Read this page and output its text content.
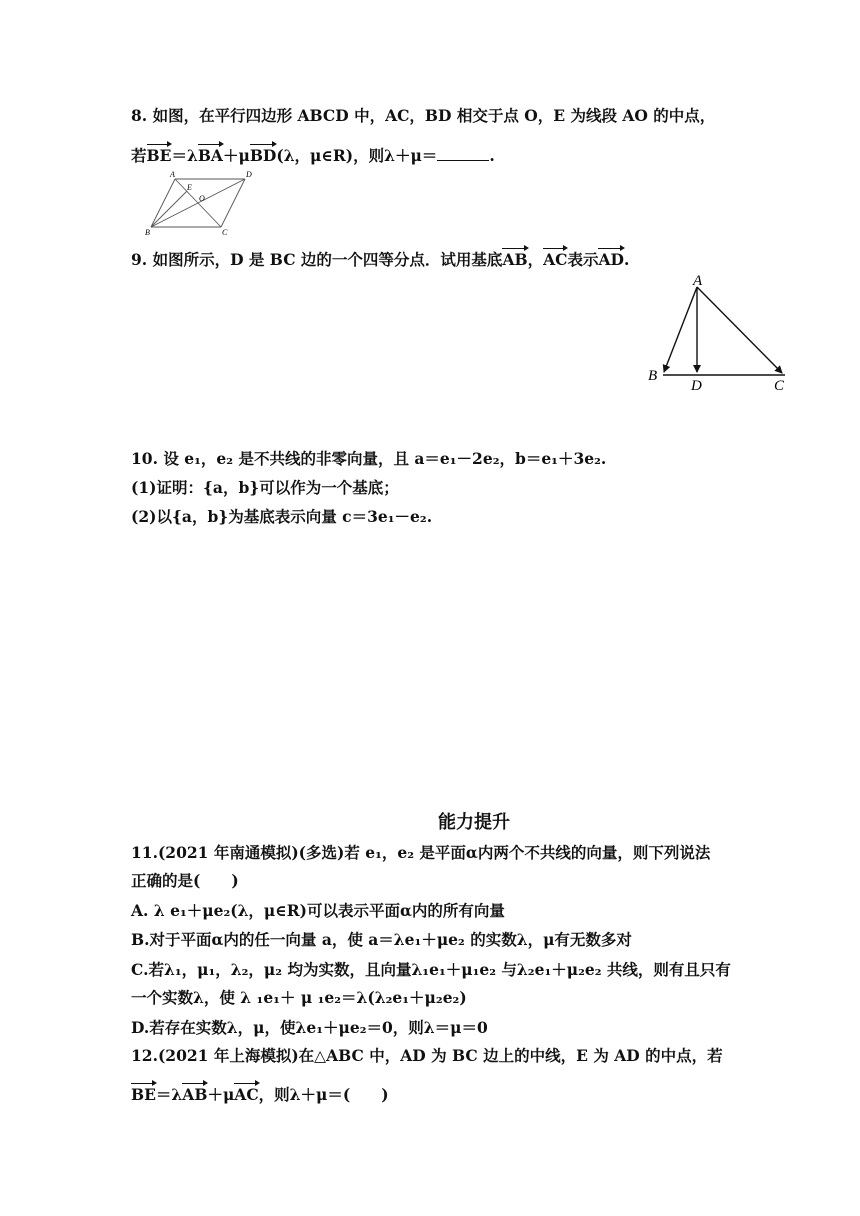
8. 如图，在平行四边形 ABCD 中，AC，BD 相交于点 O，E 为线段 AO 的中点，
若BE＝λBA＋μBD(λ，μ∈R)，则λ＋μ＝	.
A	D
E
O
B	C
9. 如图所示，D 是 BC 边的一个四等分点．试用基底AB，AC表示AD.
A
B
D	C
10. 设 e₁，e₂ 是不共线的非零向量，且 a＝e₁－2e₂，b＝e₁＋3e₂.
(1)证明：{a，b}可以作为一个基底；
(2)以{a，b}为基底表示向量 c＝3e₁－e₂.
能力提升
11.(2021 年南通模拟)(多选)若 e₁，e₂ 是平面α内两个不共线的向量，则下列说法
正确的是(　　)
A. λ e₁＋μe₂(λ，μ∈R)可以表示平面α内的所有向量
B.对于平面α内的任一向量 a，使 a＝λe₁＋μe₂ 的实数λ，μ有无数多对
C.若λ₁，μ₁，λ₂，μ₂ 均为实数，且向量λ₁e₁＋μ₁e₂ 与λ₂e₁＋μ₂e₂ 共线，则有且只有
一个实数λ，使 λ ₁e₁＋ μ ₁e₂＝λ(λ₂e₁＋μ₂e₂)
D.若存在实数λ，μ，使λe₁＋μe₂＝0，则λ＝μ＝0
12.(2021 年上海模拟)在△ABC 中，AD 为 BC 边上的中线，E 为 AD 的中点，若
BE＝λAB＋μAC，则λ＋μ＝(　　)
